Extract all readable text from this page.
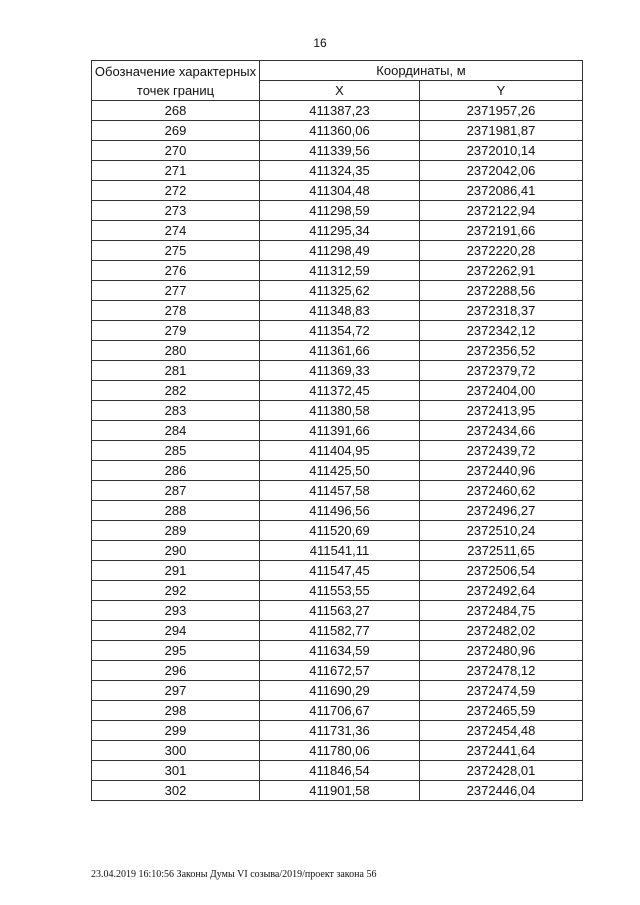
16
Обозначение характерных точек границ	Координаты, м	
	X	Y
268	411387,23	2371957,26
269	411360,06	2371981,87
270	411339,56	2372010,14
271	411324,35	2372042,06
272	411304,48	2372086,41
273	411298,59	2372122,94
274	411295,34	2372191,66
275	411298,49	2372220,28
276	411312,59	2372262,91
277	411325,62	2372288,56
278	411348,83	2372318,37
279	411354,72	2372342,12
280	411361,66	2372356,52
281	411369,33	2372379,72
282	411372,45	2372404,00
283	411380,58	2372413,95
284	411391,66	2372434,66
285	411404,95	2372439,72
286	411425,50	2372440,96
287	411457,58	2372460,62
288	411496,56	2372496,27
289	411520,69	2372510,24
290	411541,11	2372511,65
291	411547,45	2372506,54
292	411553,55	2372492,64
293	411563,27	2372484,75
294	411582,77	2372482,02
295	411634,59	2372480,96
296	411672,57	2372478,12
297	411690,29	2372474,59
298	411706,67	2372465,59
299	411731,36	2372454,48
300	411780,06	2372441,64
301	411846,54	2372428,01
302	411901,58	2372446,04
23.04.2019 16:10:56 Законы Думы VI созыва/2019/проект закона 56
